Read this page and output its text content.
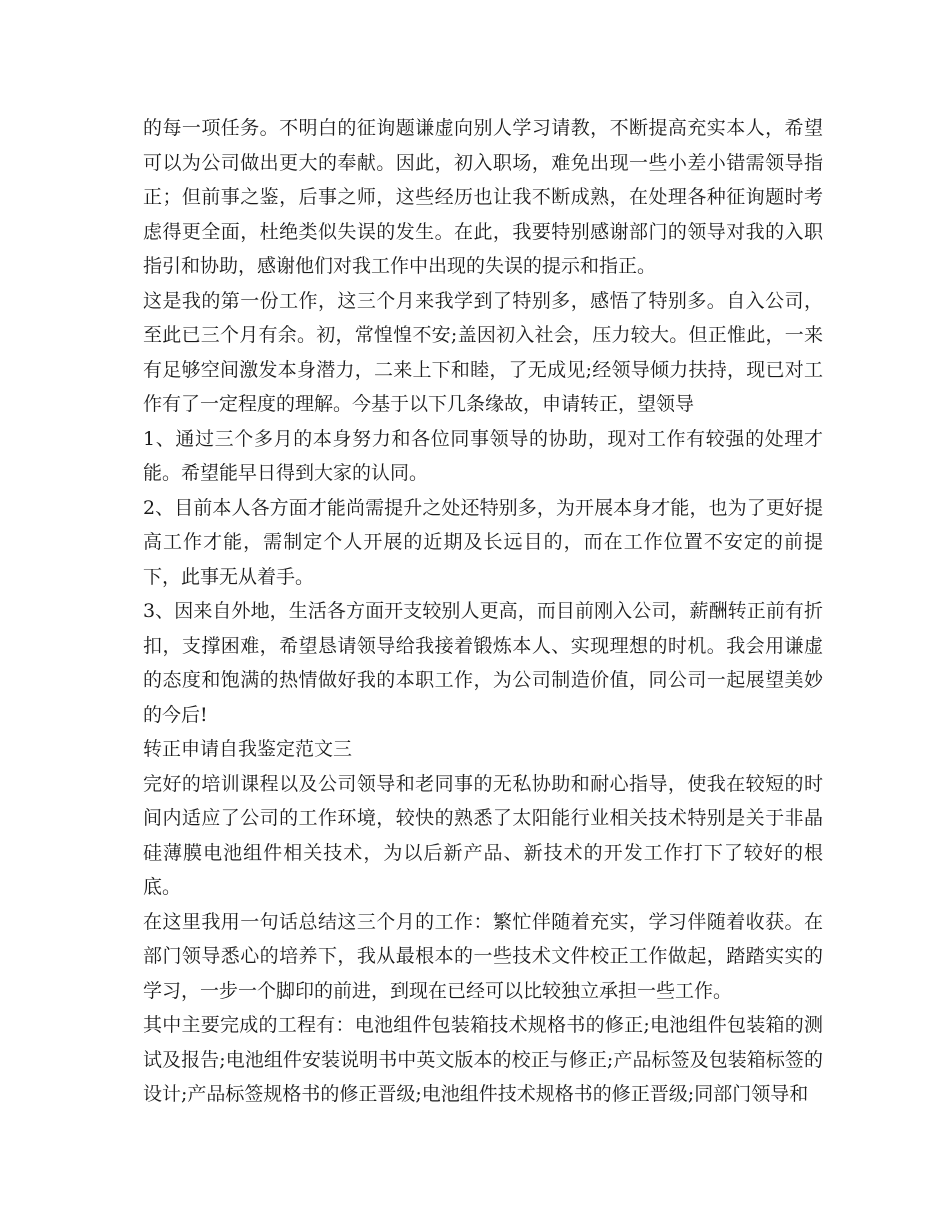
的每一项任务。不明白的征询题谦虚向别人学习请教，不断提高充实本人，希望可以为公司做出更大的奉献。因此，初入职场，难免出现一些小差小错需领导指正；但前事之鉴，后事之师，这些经历也让我不断成熟，在处理各种征询题时考虑得更全面，杜绝类似失误的发生。在此，我要特别感谢部门的领导对我的入职指引和协助，感谢他们对我工作中出现的失误的提示和指正。

这是我的第一份工作，这三个月来我学到了特别多，感悟了特别多。自入公司，至此已三个月有余。初，常惶惶不安;盖因初入社会，压力较大。但正惟此，一来有足够空间激发本身潜力，二来上下和睦，了无成见;经领导倾力扶持，现已对工作有了一定程度的理解。今基于以下几条缘故，申请转正，望领导

1、通过三个多月的本身努力和各位同事领导的协助，现对工作有较强的处理才能。希望能早日得到大家的认同。

2、目前本人各方面才能尚需提升之处还特别多，为开展本身才能，也为了更好提高工作才能，需制定个人开展的近期及长远目的，而在工作位置不安定的前提下，此事无从着手。

3、因来自外地，生活各方面开支较别人更高，而目前刚入公司，薪酬转正前有折扣，支撑困难，希望恳请领导给我接着锻炼本人、实现理想的时机。我会用谦虚的态度和饱满的热情做好我的本职工作，为公司制造价值，同公司一起展望美妙的今后!

转正申请自我鉴定范文三

完好的培训课程以及公司领导和老同事的无私协助和耐心指导，使我在较短的时间内适应了公司的工作环境，较快的熟悉了太阳能行业相关技术特别是关于非晶硅薄膜电池组件相关技术，为以后新产品、新技术的开发工作打下了较好的根底。

在这里我用一句话总结这三个月的工作：繁忙伴随着充实，学习伴随着收获。在部门领导悉心的培养下，我从最根本的一些技术文件校正工作做起，踏踏实实的学习，一步一个脚印的前进，到现在已经可以比较独立承担一些工作。

其中主要完成的工程有：电池组件包装箱技术规格书的修正;电池组件包装箱的测试及报告;电池组件安装说明书中英文版本的校正与修正;产品标签及包装箱标签的设计;产品标签规格书的修正晋级;电池组件技术规格书的修正晋级;同部门领导和
